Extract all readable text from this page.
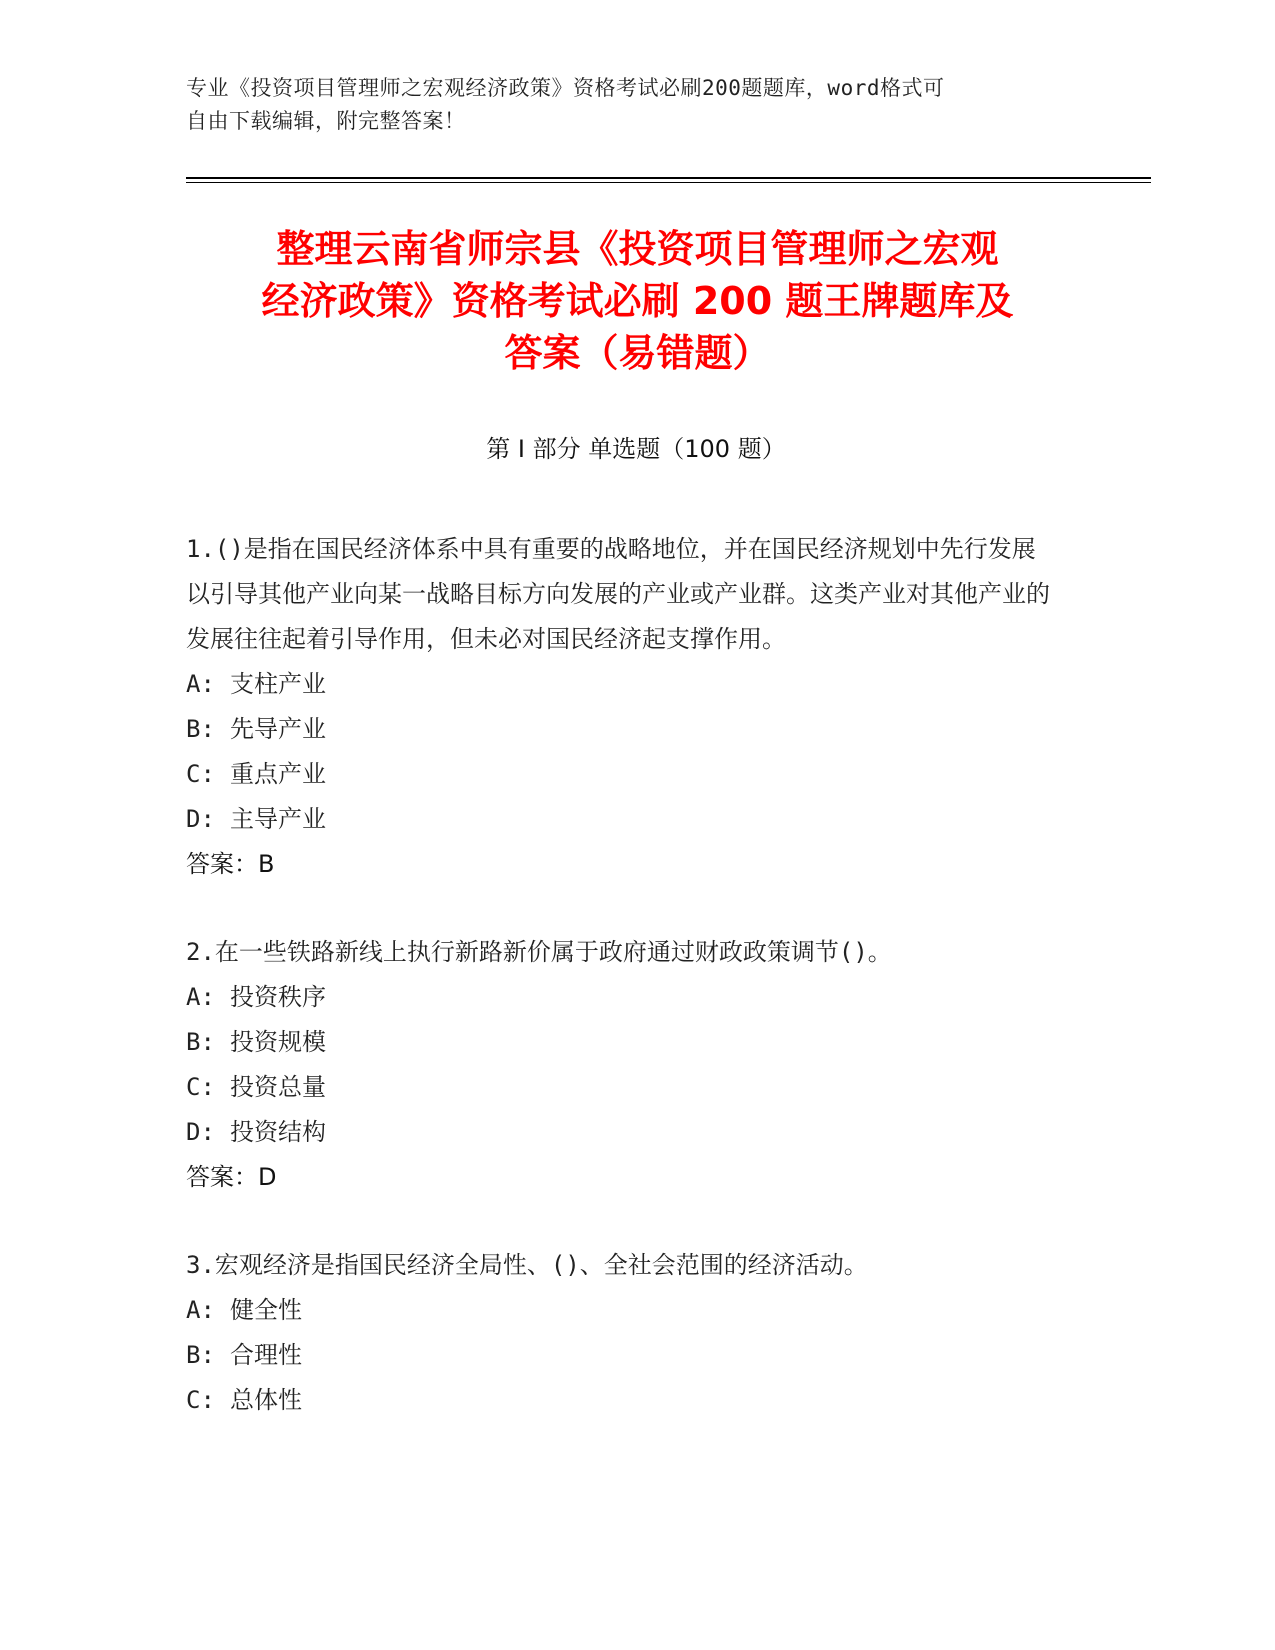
专业《投资项目管理师之宏观经济政策》资格考试必刷200题题库，word格式可
自由下载编辑，附完整答案！
整理云南省师宗县《投资项目管理师之宏观
经济政策》资格考试必刷 200 题王牌题库及
答案（易错题）
第 I 部分 单选题（100 题）

1.()是指在国民经济体系中具有重要的战略地位，并在国民经济规划中先行发展以引导其他产业向某一战略目标方向发展的产业或产业群。这类产业对其他产业的发展往往起着引导作用，但未必对国民经济起支撑作用。

A: 支柱产业
B: 先导产业
C: 重点产业
D: 主导产业
答案：B

2.在一些铁路新线上执行新路新价属于政府通过财政政策调节()。

A: 投资秩序
B: 投资规模
C: 投资总量
D: 投资结构
答案：D

3.宏观经济是指国民经济全局性、()、全社会范围的经济活动。

A: 健全性
B: 合理性
C: 总体性
